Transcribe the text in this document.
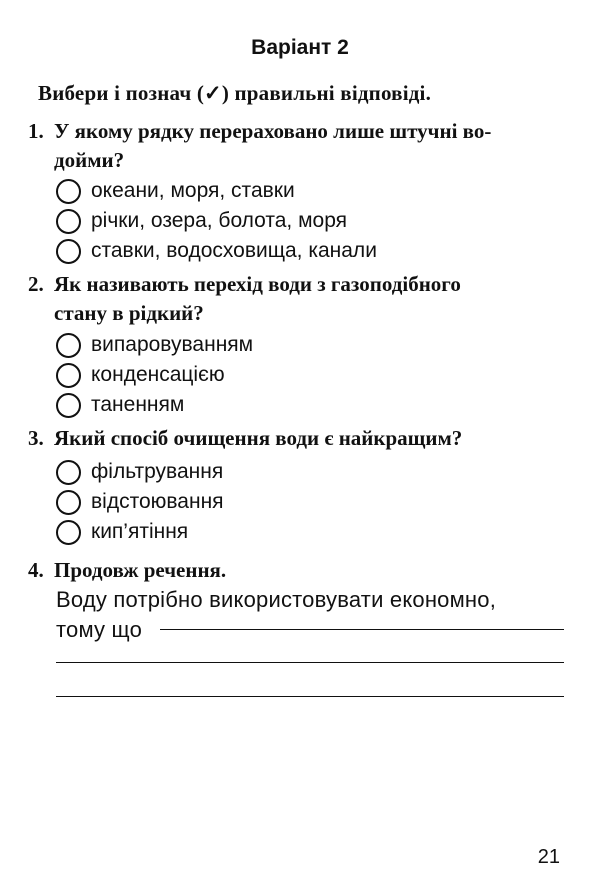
Варіант 2
Вибери і познач (✓) правильні відповіді.
1. У якому рядку перераховано лише штучні во-
дойми?
океани, моря, ставки
річки, озера, болота, моря
ставки, водосховища, канали
2. Як називають перехід води з газоподібного
стану в рідкий?
випаровуванням
конденсацією
таненням
3. Який спосіб очищення води є найкращим?
фільтрування
відстоювання
кип’ятіння
4. Продовж речення.
Воду потрібно використовувати економно,
тому що
21
